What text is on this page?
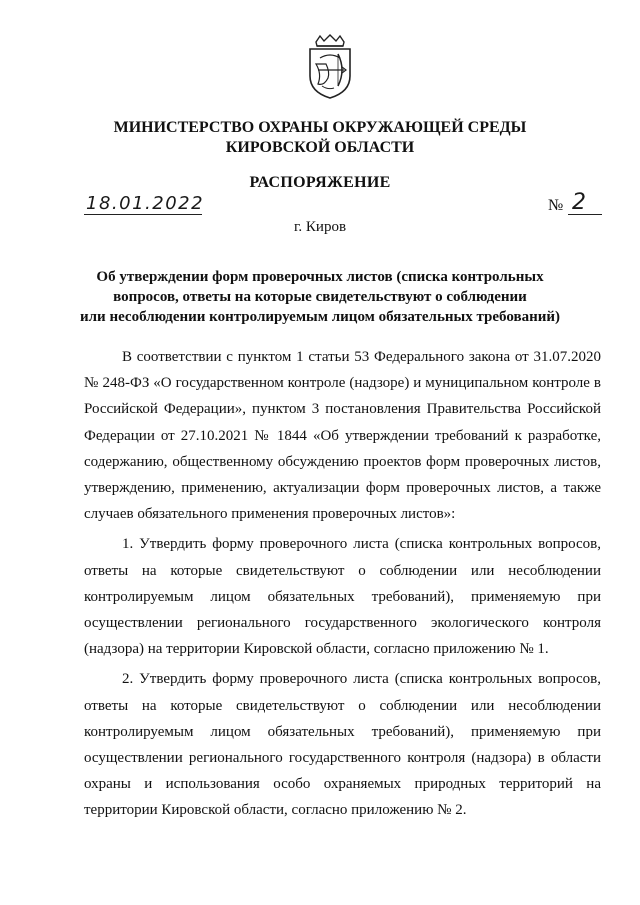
МИНИСТЕРСТВО ОХРАНЫ ОКРУЖАЮЩЕЙ СРЕДЫ
КИРОВСКОЙ ОБЛАСТИ
РАСПОРЯЖЕНИЕ
18.01.2022	№ 2
г. Киров
Об утверждении форм проверочных листов (списка контрольных
вопросов, ответы на которые свидетельствуют о соблюдении
или несоблюдении контролируемым лицом обязательных требований)

В соответствии с пунктом 1 статьи 53 Федерального закона от 31.07.2020 № 248-ФЗ «О государственном контроле (надзоре) и муниципальном контроле в Российской Федерации», пунктом 3 постановления Правительства Российской Федерации от 27.10.2021 № 1844 «Об утверждении требований к разработке, содержанию, общественному обсуждению проектов форм проверочных листов, утверждению, применению, актуализации форм проверочных листов, а также случаев обязательного применения проверочных листов»:

1. Утвердить форму проверочного листа (списка контрольных вопросов, ответы на которые свидетельствуют о соблюдении или несоблюдении контролируемым лицом обязательных требований), применяемую при осуществлении регионального государственного экологического контроля (надзора) на территории Кировской области, согласно приложению № 1.

2. Утвердить форму проверочного листа (списка контрольных вопросов, ответы на которые свидетельствуют о соблюдении или несоблюдении контролируемым лицом обязательных требований), применяемую при осуществлении регионального государственного контроля (надзора) в области охраны и использования особо охраняемых природных территорий на территории Кировской области, согласно приложению № 2.
